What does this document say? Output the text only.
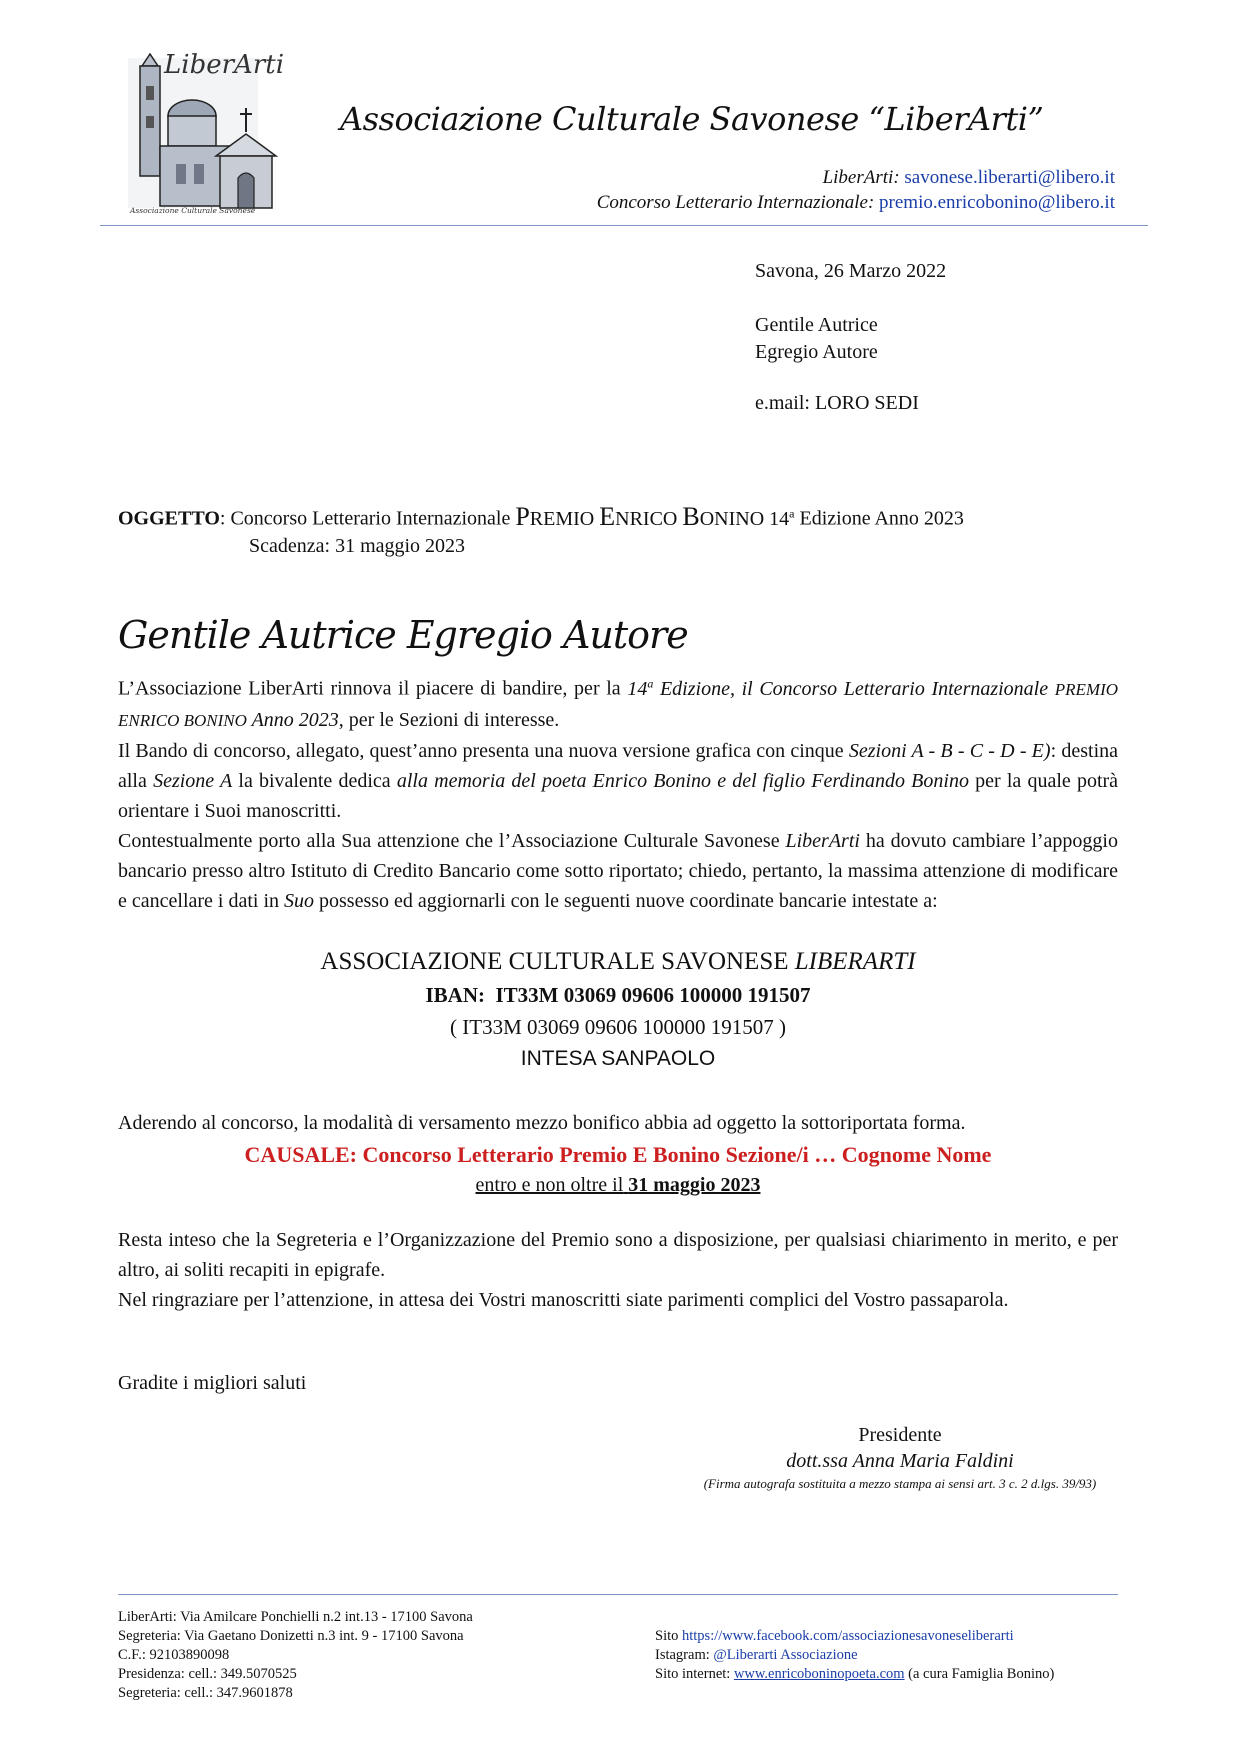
LiberArti
Associazione Culturale Savonese
Associazione Culturale Savonese “LiberArti”
LiberArti: savonese.liberarti@libero.it
Concorso Letterario Internazionale: premio.enricobonino@libero.it
Savona, 26 Marzo 2022
Gentile Autrice
Egregio Autore
e.mail: LORO SEDI
OGGETTO: Concorso Letterario Internazionale PREMIO ENRICO BONINO 14$^a$ Edizione Anno 2023
Scadenza: 31 maggio 2023
Gentile Autrice Egregio Autore

L’Associazione LiberArti rinnova il piacere di bandire, per la 14$^a$ Edizione, il Concorso Letterario Internazionale PREMIO ENRICO BONINO Anno 2023, per le Sezioni di interesse.

Il Bando di concorso, allegato, quest’anno presenta una nuova versione grafica con cinque Sezioni A - B - C - D - E): destina alla Sezione A la bivalente dedica alla memoria del poeta Enrico Bonino e del figlio Ferdinando Bonino per la quale potrà orientare i Suoi manoscritti.

Contestualmente porto alla Sua attenzione che l’Associazione Culturale Savonese LiberArti ha dovuto cambiare l’appoggio bancario presso altro Istituto di Credito Bancario come sotto riportato; chiedo, pertanto, la massima attenzione di modificare e cancellare i dati in Suo possesso ed aggiornarli con le seguenti nuove coordinate bancarie intestate a:

ASSOCIAZIONE CULTURALE SAVONESE LIBERARTI
IBAN: IT33M 03069 09606 100000 191507
( IT33M 03069 09606 100000 191507 )
INTESA SANPAOLO
Aderendo al concorso, la modalità di versamento mezzo bonifico abbia ad oggetto la sottoriportata forma.
CAUSALE: Concorso Letterario Premio E Bonino Sezione/i … Cognome Nome
entro e non oltre il 31 maggio 2023

Resta inteso che la Segreteria e l’Organizzazione del Premio sono a disposizione, per qualsiasi chiarimento in merito, e per altro, ai soliti recapiti in epigrafe.

Nel ringraziare per l’attenzione, in attesa dei Vostri manoscritti siate parimenti complici del Vostro passaparola.

Gradite i migliori saluti
Presidente
dott.ssa Anna Maria Faldini
(Firma autografa sostituita a mezzo stampa ai sensi art. 3 c. 2 d.lgs. 39/93)
LiberArti: Via Amilcare Ponchielli n.2 int.13 - 17100 Savona
Segreteria: Via Gaetano Donizetti n.3 int. 9 - 17100 Savona
C.F.: 92103890098
Presidenza: cell.: 349.5070525
Segreteria: cell.: 347.9601878
Sito https://www.facebook.com/associazionesavoneseliberarti
Istagram: @Liberarti Associazione
Sito internet: www.enricoboninopoeta.com (a cura Famiglia Bonino)
